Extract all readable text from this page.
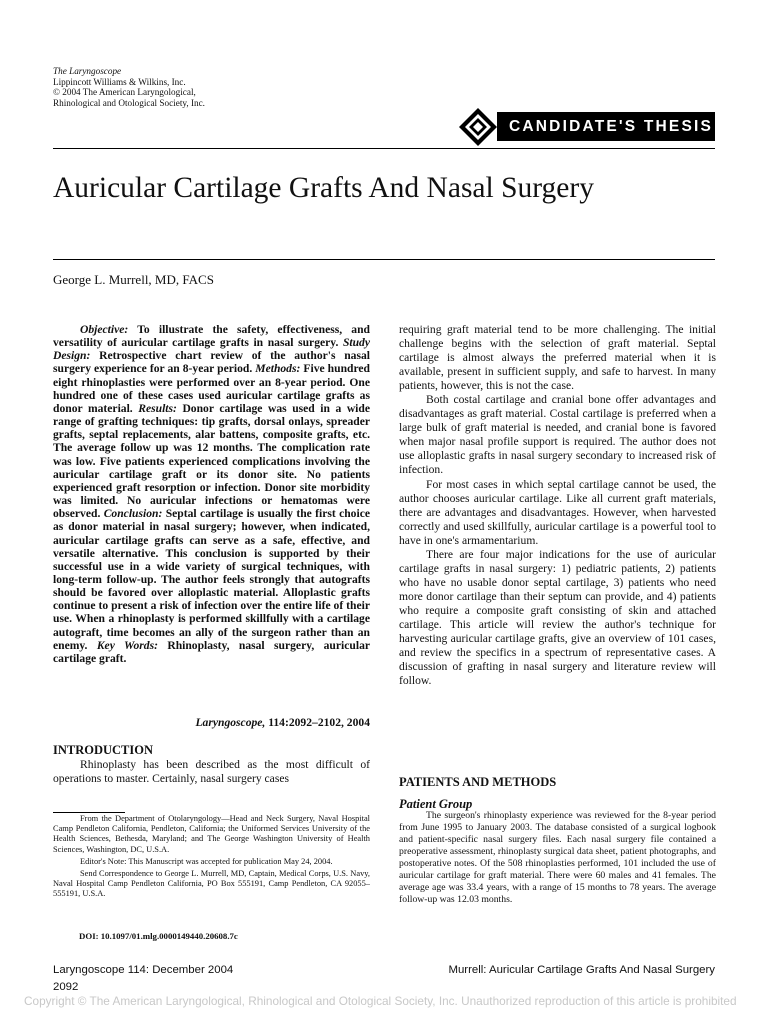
The Laryngoscope
Lippincott Williams & Wilkins, Inc.
© 2004 The American Laryngological,
Rhinological and Otological Society, Inc.
CANDIDATE'S THESIS
Auricular Cartilage Grafts And Nasal Surgery
George L. Murrell, MD, FACS

Objective: To illustrate the safety, effectiveness, and versatility of auricular cartilage grafts in nasal surgery. Study Design: Retrospective chart review of the author's nasal surgery experience for an 8-year period. Methods: Five hundred eight rhinoplasties were performed over an 8-year period. One hundred one of these cases used auricular cartilage grafts as donor material. Results: Donor cartilage was used in a wide range of grafting techniques: tip grafts, dorsal onlays, spreader grafts, septal replacements, alar battens, composite grafts, etc. The average follow up was 12 months. The complication rate was low. Five patients experienced complications involving the auricular cartilage graft or its donor site. No patients experienced graft resorption or infection. Donor site morbidity was limited. No auricular infections or hematomas were observed. Conclusion: Septal cartilage is usually the first choice as donor material in nasal surgery; however, when indicated, auricular cartilage grafts can serve as a safe, effective, and versatile alternative. This conclusion is supported by their successful use in a wide variety of surgical techniques, with long-term follow-up. The author feels strongly that autografts should be favored over alloplastic material. Alloplastic grafts continue to present a risk of infection over the entire life of their use. When a rhinoplasty is performed skillfully with a cartilage autograft, time becomes an ally of the surgeon rather than an enemy. Key Words: Rhinoplasty, nasal surgery, auricular cartilage graft.

Laryngoscope, 114:2092–2102, 2004
INTRODUCTION

Rhinoplasty has been described as the most difficult of operations to master. Certainly, nasal surgery cases

From the Department of Otolaryngology—Head and Neck Surgery, Naval Hospital Camp Pendleton California, Pendleton, California; the Uniformed Services University of the Health Sciences, Bethesda, Maryland; and The George Washington University of Health Sciences, Washington, DC, U.S.A.

Editor's Note: This Manuscript was accepted for publication May 24, 2004.

Send Correspondence to George L. Murrell, MD, Captain, Medical Corps, U.S. Navy, Naval Hospital Camp Pendleton California, PO Box 555191, Camp Pendleton, CA 92055–555191, U.S.A.

DOI: 10.1097/01.mlg.0000149440.20608.7c

requiring graft material tend to be more challenging. The initial challenge begins with the selection of graft material. Septal cartilage is almost always the preferred material when it is available, present in sufficient supply, and safe to harvest. In many patients, however, this is not the case.

Both costal cartilage and cranial bone offer advantages and disadvantages as graft material. Costal cartilage is preferred when a large bulk of graft material is needed, and cranial bone is favored when major nasal profile support is required. The author does not use alloplastic grafts in nasal surgery secondary to increased risk of infection.

For most cases in which septal cartilage cannot be used, the author chooses auricular cartilage. Like all current graft materials, there are advantages and disadvantages. However, when harvested correctly and used skillfully, auricular cartilage is a powerful tool to have in one's armamentarium.

There are four major indications for the use of auricular cartilage grafts in nasal surgery: 1) pediatric patients, 2) patients who have no usable donor septal cartilage, 3) patients who need more donor cartilage than their septum can provide, and 4) patients who require a composite graft consisting of skin and attached cartilage. This article will review the author's technique for harvesting auricular cartilage grafts, give an overview of 101 cases, and review the specifics in a spectrum of representative cases. A discussion of grafting in nasal surgery and literature review will follow.

PATIENTS AND METHODS
Patient Group

The surgeon's rhinoplasty experience was reviewed for the 8-year period from June 1995 to January 2003. The database consisted of a surgical logbook and patient-specific nasal surgery files. Each nasal surgery file contained a preoperative assessment, rhinoplasty surgical data sheet, patient photographs, and postoperative notes. Of the 508 rhinoplasties performed, 101 included the use of auricular cartilage for graft material. There were 60 males and 41 females. The average age was 33.4 years, with a range of 15 months to 78 years. The average follow-up was 12.03 months.

Laryngoscope 114: December 2004	Murrell: Auricular Cartilage Grafts And Nasal Surgery
2092
Copyright © The American Laryngological, Rhinological and Otological Society, Inc. Unauthorized reproduction of this article is prohibited
